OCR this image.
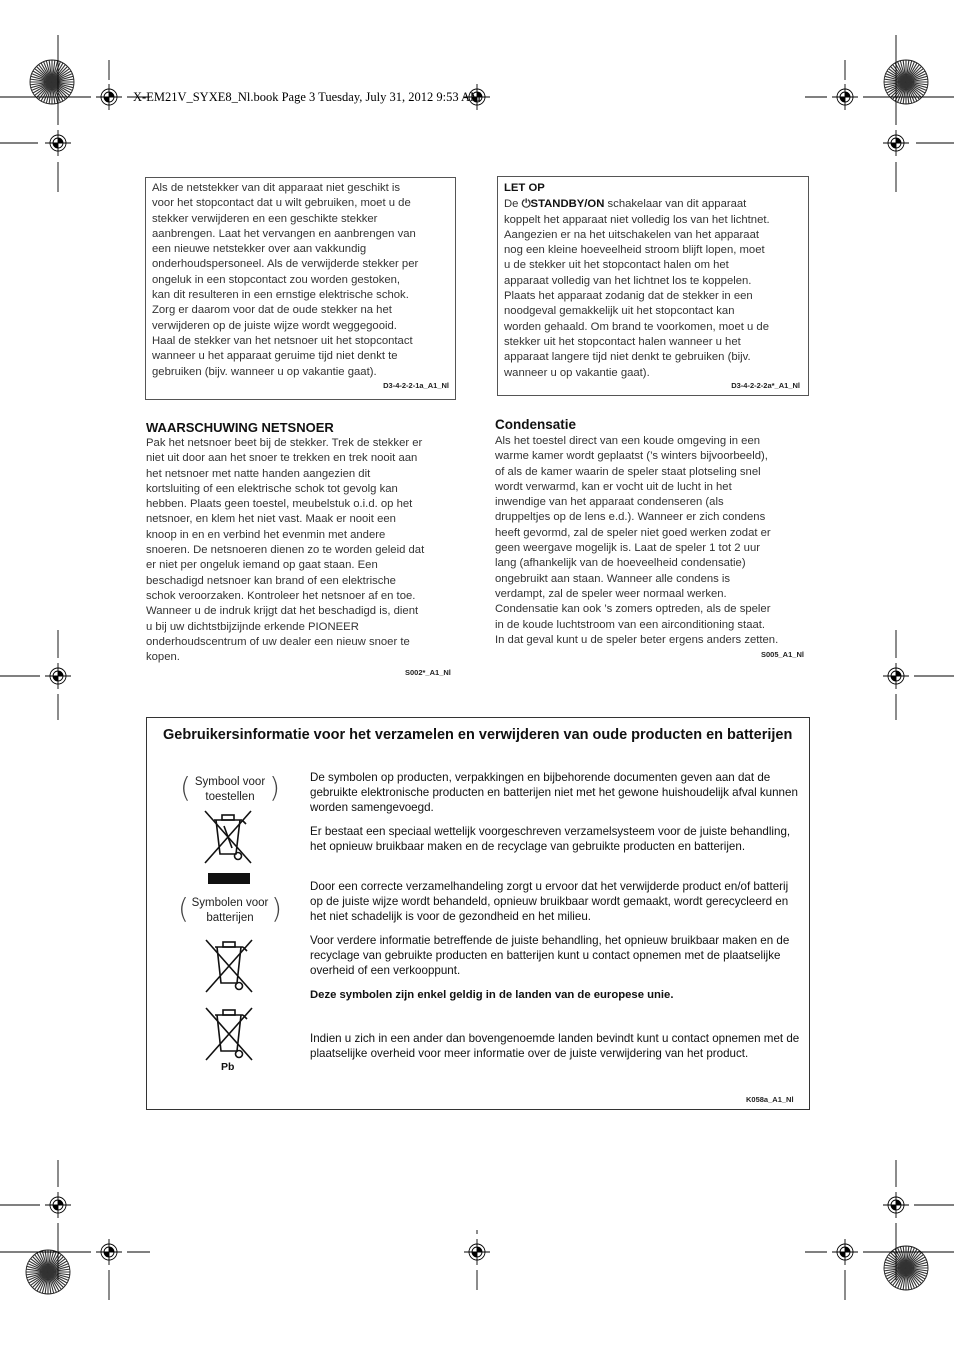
X-EM21V_SYXE8_Nl.book Page 3 Tuesday, July 31, 2012 9:53 AM

Als de netstekker van dit apparaat niet geschikt is

voor het stopcontact dat u wilt gebruiken, moet u de

stekker verwijderen en een geschikte stekker

aanbrengen. Laat het vervangen en aanbrengen van

een nieuwe netstekker over aan vakkundig

onderhoudspersoneel. Als de verwijderde stekker per

ongeluk in een stopcontact zou worden gestoken,

kan dit resulteren in een ernstige elektrische schok.

Zorg er daarom voor dat de oude stekker na het

verwijderen op de juiste wijze wordt weggegooid.

Haal de stekker van het netsnoer uit het stopcontact

wanneer u het apparaat geruime tijd niet denkt te

gebruiken (bijv. wanneer u op vakantie gaat).

D3-4-2-2-1a_A1_Nl

LET OP

De ⏻STANDBY/ON schakelaar van dit apparaat

koppelt het apparaat niet volledig los van het lichtnet.

Aangezien er na het uitschakelen van het apparaat

nog een kleine hoeveelheid stroom blijft lopen, moet

u de stekker uit het stopcontact halen om het

apparaat volledig van het lichtnet los te koppelen.

Plaats het apparaat zodanig dat de stekker in een

noodgeval gemakkelijk uit het stopcontact kan

worden gehaald. Om brand te voorkomen, moet u de

stekker uit het stopcontact halen wanneer u het

apparaat langere tijd niet denkt te gebruiken (bijv.

wanneer u op vakantie gaat).

D3-4-2-2-2a*_A1_Nl
WAARSCHUWING NETSNOER

Pak het netsnoer beet bij de stekker. Trek de stekker er

niet uit door aan het snoer te trekken en trek nooit aan

het netsnoer met natte handen aangezien dit

kortsluiting of een elektrische schok tot gevolg kan

hebben. Plaats geen toestel, meubelstuk o.i.d. op het

netsnoer, en klem het niet vast. Maak er nooit een

knoop in en en verbind het evenmin met andere

snoeren. De netsnoeren dienen zo te worden geleid dat

er niet per ongeluk iemand op gaat staan. Een

beschadigd netsnoer kan brand of een elektrische

schok veroorzaken. Kontroleer het netsnoer af en toe.

Wanneer u de indruk krijgt dat het beschadigd is, dient

u bij uw dichtstbijzijnde erkende PIONEER

onderhoudscentrum of uw dealer een nieuw snoer te

kopen.

S002*_A1_Nl
Condensatie

Als het toestel direct van een koude omgeving in een

warme kamer wordt geplaatst (’s winters bijvoorbeeld),

of als de kamer waarin de speler staat plotseling snel

wordt verwarmd, kan er vocht uit de lucht in het

inwendige van het apparaat condenseren (als

druppeltjes op de lens e.d.). Wanneer er zich condens

heeft gevormd, zal de speler niet goed werken zodat er

geen weergave mogelijk is. Laat de speler 1 tot 2 uur

lang (afhankelijk van de hoeveelheid condensatie)

ongebruikt aan staan. Wanneer alle condens is

verdampt, zal de speler weer normaal werken.

Condensatie kan ook ’s zomers optreden, als de speler

in de koude luchtstroom van een airconditioning staat.

In dat geval kunt u de speler beter ergens anders zetten.

S005_A1_Nl
Gebruikersinformatie voor het verzamelen en verwijderen van oude producten en batterijen
( Symbool voor toestellen )
( Symbolen voor batterijen )
Pb

De symbolen op producten, verpakkingen en bijbehorende documenten geven aan dat de gebruikte elektronische producten en batterijen niet met het gewone huishoudelijk afval kunnen worden samengevoegd.

Er bestaat een speciaal wettelijk voorgeschreven verzamelsysteem voor de juiste behandling, het opnieuw bruikbaar maken en de recyclage van gebruikte producten en batterijen.

Door een correcte verzamelhandeling zorgt u ervoor dat het verwijderde product en/of batterij op de juiste wijze wordt behandeld, opnieuw bruikbaar wordt gemaakt, wordt gerecycleerd en het niet schadelijk is voor de gezondheid en het milieu.

Voor verdere informatie betreffende de juiste behandling, het opnieuw bruikbaar maken en de recyclage van gebruikte producten en batterijen kunt u contact opnemen met de plaatselijke overheid of een verkooppunt.

Deze symbolen zijn enkel geldig in de landen van de europese unie.

Indien u zich in een ander dan bovengenoemde landen bevindt kunt u contact opnemen met de plaatselijke overheid voor meer informatie over de juiste verwijdering van het product.

K058a_A1_Nl
